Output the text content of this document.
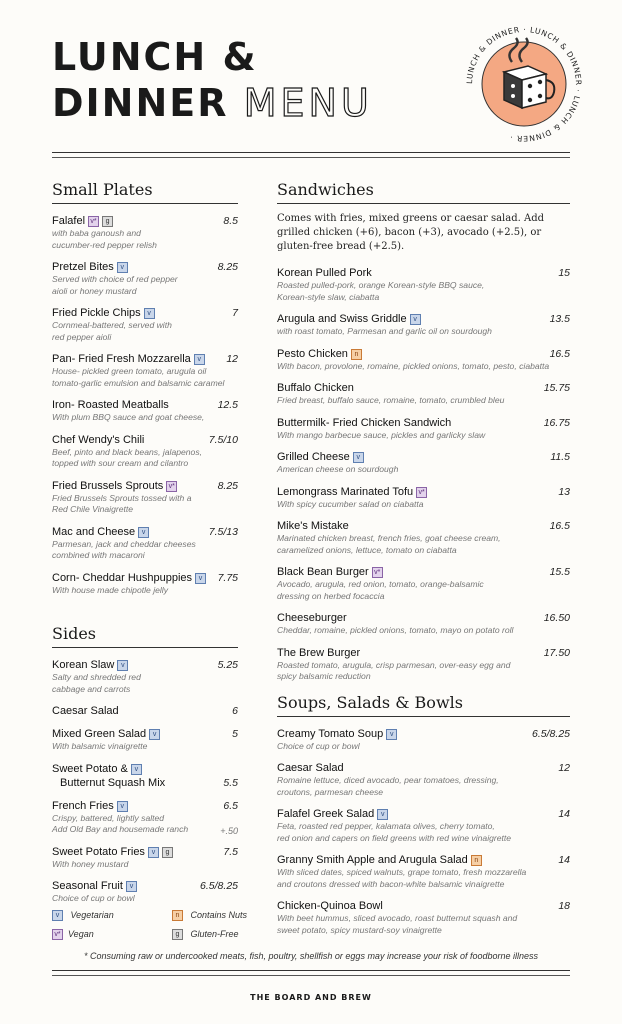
LUNCH &
DINNER MENU	LUNCH & DINNER · LUNCH & DINNER · LUNCH & DINNER ·
Small Plates
Falafel v* g	8.5
with baba ganoush and
cucumber-red pepper relish
Pretzel Bites v	8.25
Served with choice of red pepper
aioli or honey mustard
Fried Pickle Chips v	7
Cornmeal-battered, served with
red pepper aioli
Pan- Fried Fresh Mozzarella v	12
House- pickled green tomato, arugula oil
tomato-garlic emulsion and balsamic caramel
Iron- Roasted Meatballs	12.5
With plum BBQ sauce and goat cheese,
Chef Wendy's Chili	7.5/10
Beef, pinto and black beans, jalapenos,
topped with sour cream and cilantro
Fried Brussels Sprouts v*	8.25
Fried Brussels Sprouts tossed with a
Red Chile Vinaigrette
Mac and Cheese v	7.5/13
Parmesan, jack and cheddar cheeses
combined with macaroni
Corn- Cheddar Hushpuppies v	7.75
With house made chipotle jelly
Sides
Korean Slaw v	5.25
Salty and shredded red
cabbage and carrots
Caesar Salad	6
Mixed Green Salad v	5
With balsamic vinaigrette
Sweet Potato & v
Butternut Squash Mix	5.5
French Fries v	6.5
Crispy, battered, lightly salted
Add Old Bay and housemade ranch	+.50
Sweet Potato Fries v g	7.5
With honey mustard
Seasonal Fruit v	6.5/8.25
Choice of cup or bowl
v Vegetarian
v* Vegan
n Contains Nuts
g Gluten-Free
Sandwiches
Comes with fries, mixed greens or caesar salad. Add grilled chicken (+6), bacon (+3), avocado (+2.5), or gluten-free bread (+2.5).
Korean Pulled Pork	15
Roasted pulled-pork, orange Korean-style BBQ sauce,
Korean-style slaw, ciabatta
Arugula and Swiss Griddle v	13.5
with roast tomato, Parmesan and garlic oil on sourdough
Pesto Chicken n	16.5
With bacon, provolone, romaine, pickled onions, tomato, pesto, ciabatta
Buffalo Chicken	15.75
Fried breast, buffalo sauce, romaine, tomato, crumbled bleu
Buttermilk- Fried Chicken Sandwich	16.75
With mango barbecue sauce, pickles and garlicky slaw
Grilled Cheese v	11.5
American cheese on sourdough
Lemongrass Marinated Tofu v*	13
With spicy cucumber salad on ciabatta
Mike's Mistake	16.5
Marinated chicken breast, french fries, goat cheese cream,
caramelized onions, lettuce, tomato on ciabatta
Black Bean Burger v*	15.5
Avocado, arugula, red onion, tomato, orange-balsamic
dressing on herbed focaccia
Cheeseburger	16.50
Cheddar, romaine, pickled onions, tomato, mayo on potato roll
The Brew Burger	17.50
Roasted tomato, arugula, crisp parmesan, over-easy egg and
spicy balsamic reduction
Soups, Salads & Bowls
Creamy Tomato Soup v	6.5/8.25
Choice of cup or bowl
Caesar Salad	12
Romaine lettuce, diced avocado, pear tomatoes, dressing,
croutons, parmesan cheese
Falafel Greek Salad v	14
Feta, roasted red pepper, kalamata olives, cherry tomato,
red onion and capers on field greens with red wine vinaigrette
Granny Smith Apple and Arugula Salad n	14
With sliced dates, spiced walnuts, grape tomato, fresh mozzarella
and croutons dressed with bacon-white balsamic vinaigrette
Chicken-Quinoa Bowl	18
With beet hummus, sliced avocado, roast butternut squash and
sweet potato, spicy mustard-soy vinaigrette
* Consuming raw or undercooked meats, fish, poultry, shellfish or eggs may increase your risk of foodborne illness
THE BOARD AND BREW
